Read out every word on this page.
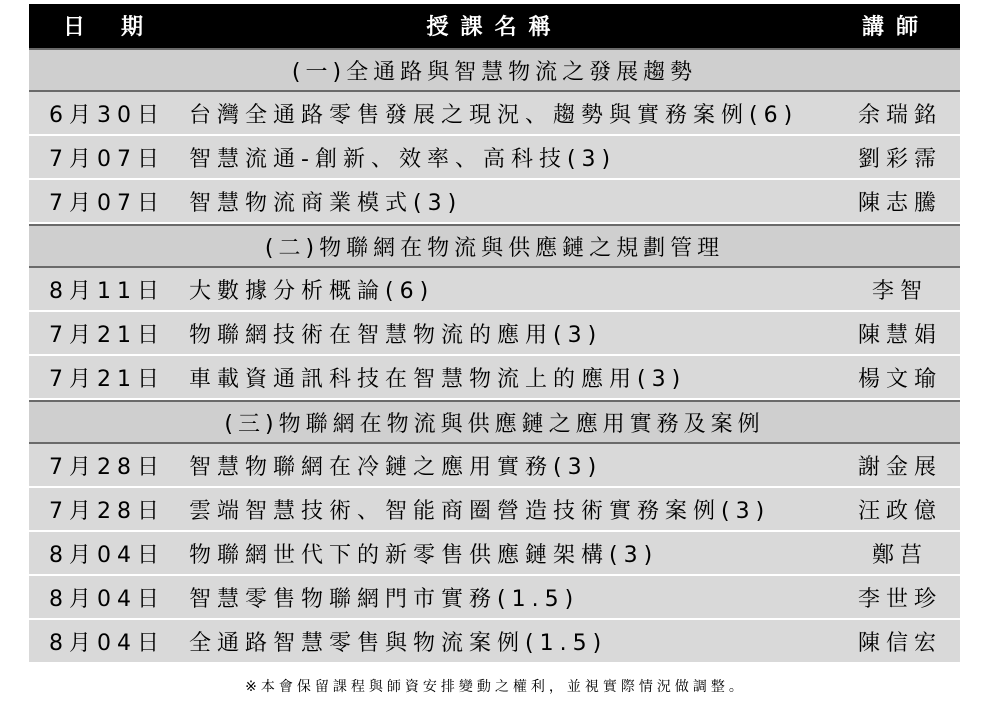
日期	授課名稱	講師
(一)全通路與智慧物流之發展趨勢
6月30日	台灣全通路零售發展之現況、趨勢與實務案例(6)	余瑞銘
7月07日	智慧流通-創新、效率、高科技(3)	劉彩霈
7月07日	智慧物流商業模式(3)	陳志騰
(二)物聯網在物流與供應鏈之規劃管理
8月11日	大數據分析概論(6)	李智
7月21日	物聯網技術在智慧物流的應用(3)	陳慧娟
7月21日	車載資通訊科技在智慧物流上的應用(3)	楊文瑜
(三)物聯網在物流與供應鏈之應用實務及案例
7月28日	智慧物聯網在冷鏈之應用實務(3)	謝金展
7月28日	雲端智慧技術、智能商圈營造技術實務案例(3)	汪政億
8月04日	物聯網世代下的新零售供應鏈架構(3)	鄭莒
8月04日	智慧零售物聯網門市實務(1.5)	李世珍
8月04日	全通路智慧零售與物流案例(1.5)	陳信宏
※本會保留課程與師資安排變動之權利，並視實際情況做調整。
